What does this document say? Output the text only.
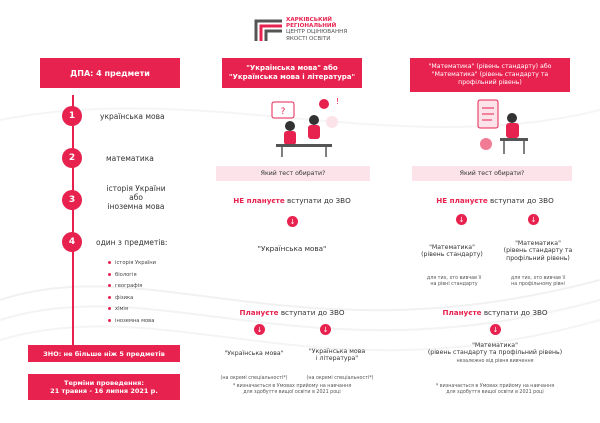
ХАРКІВСЬКИЙ
РЕГІОНАЛЬНИЙ
ЦЕНТР ОЦІНЮВАННЯ
ЯКОСТІ ОСВІТИ
ДПА: 4 предмети
1	українська мова
2	математика
3
історія України
або
іноземна мова
4	один з предметів:
історія України
біологія
географія
фізика
хімія
іноземна мова
ЗНО: не більше ніж 5 предметів
Терміни проведення:
21 травня - 16 липня 2021 р.
"Українська мова" або
"Українська мова і література"
?
!
Який тест обирати?
НЕ плануєте вступати до ЗВО
↓
"Українська мова"
Плануєте вступати до ЗВО
↓	↓
"Українська мова"	"Українська мова
і література"
(на окремі спеціальності*)	(на окремі спеціальності*)
* визначається в Умовах прийому на навчання
для здобуття вищої освіти в 2021 році
"Математика" (рівень стандарту) або
"Математика" (рівень стандарту та
профільний рівень)
Який тест обирати?
НЕ плануєте вступати до ЗВО
↓	↓
"Математика"
(рівень стандарту)
"Математика"
(рівень стандарту та
профільний рівень)
для тих, хто вивчав її
на рівні стандарту
для тих, хто вивчав її
на профільному рівні
Плануєте вступати до ЗВО
↓
"Математика"
(рівень стандарту та профільний рівень)
незалежно від рівня вивчення
* визначається в Умовах прийому на навчання
для здобуття вищої освіти в 2021 році
